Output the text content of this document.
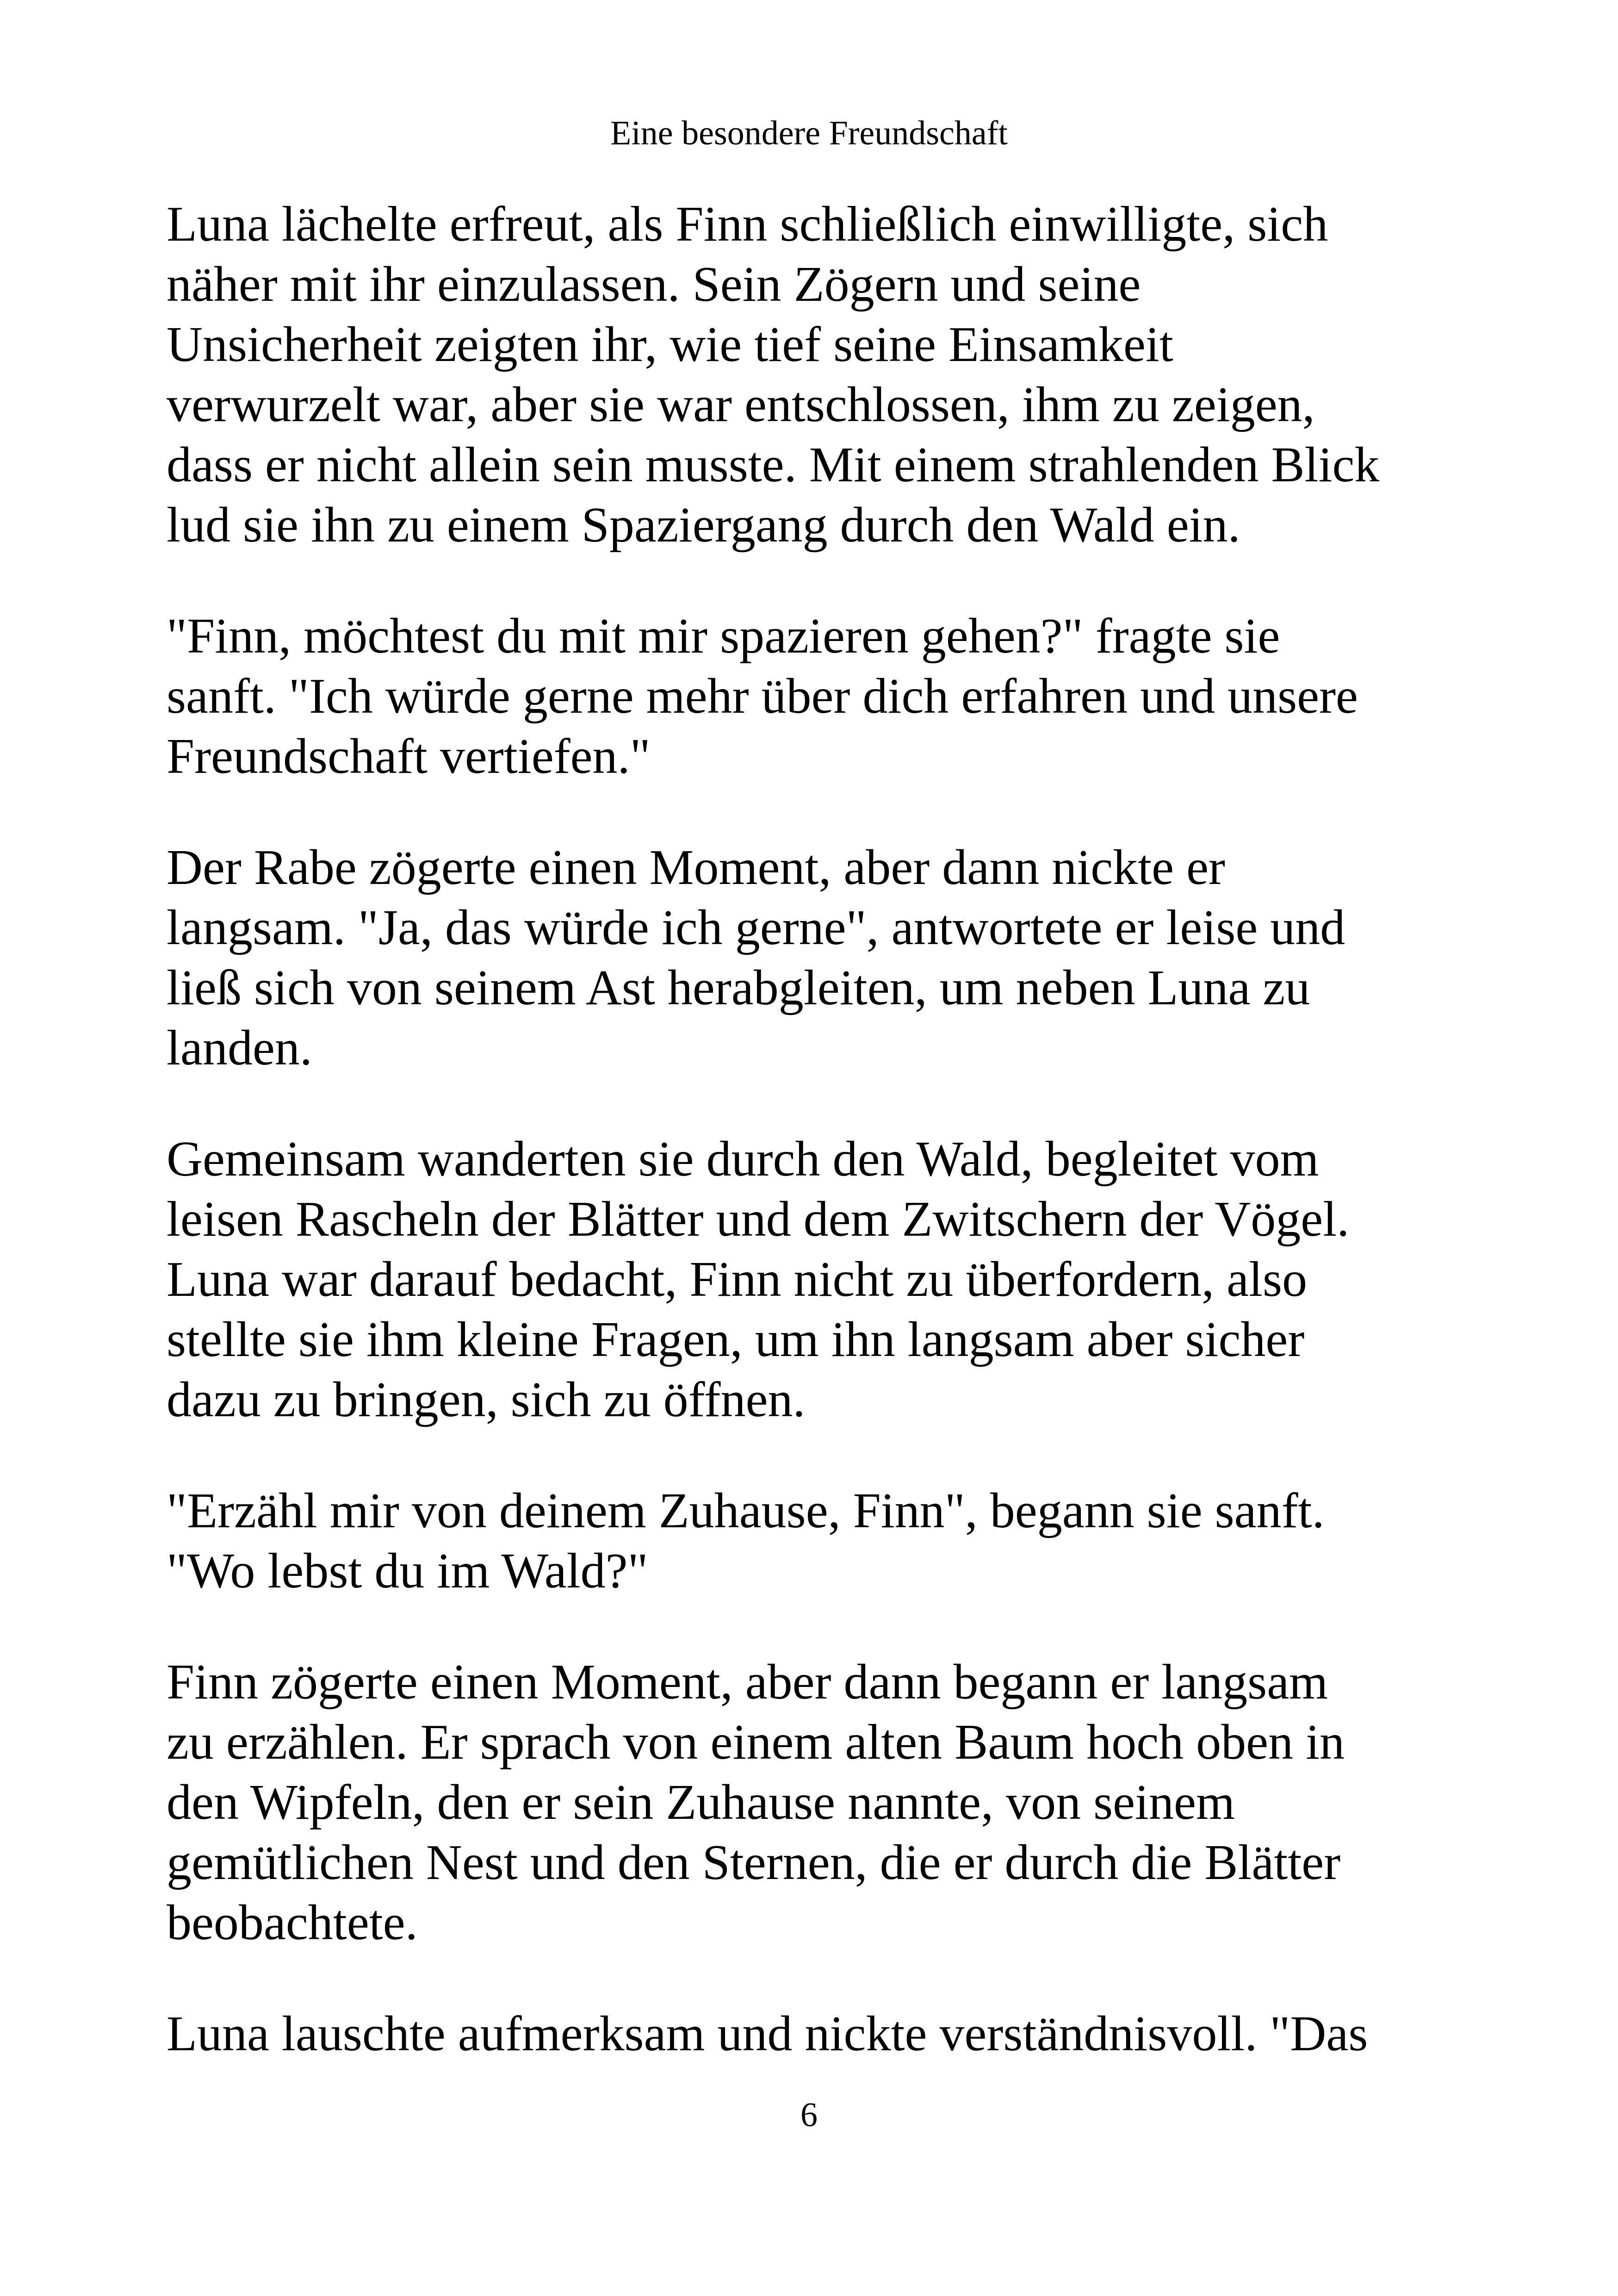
Eine besondere Freundschaft

Luna lächelte erfreut, als Finn schließlich einwilligte, sich
näher mit ihr einzulassen. Sein Zögern und seine
Unsicherheit zeigten ihr, wie tief seine Einsamkeit
verwurzelt war, aber sie war entschlossen, ihm zu zeigen,
dass er nicht allein sein musste. Mit einem strahlenden Blick
lud sie ihn zu einem Spaziergang durch den Wald ein.

"Finn, möchtest du mit mir spazieren gehen?" fragte sie
sanft. "Ich würde gerne mehr über dich erfahren und unsere
Freundschaft vertiefen."

Der Rabe zögerte einen Moment, aber dann nickte er
langsam. "Ja, das würde ich gerne", antwortete er leise und
ließ sich von seinem Ast herabgleiten, um neben Luna zu
landen.

Gemeinsam wanderten sie durch den Wald, begleitet vom
leisen Rascheln der Blätter und dem Zwitschern der Vögel.
Luna war darauf bedacht, Finn nicht zu überfordern, also
stellte sie ihm kleine Fragen, um ihn langsam aber sicher
dazu zu bringen, sich zu öffnen.

"Erzähl mir von deinem Zuhause, Finn", begann sie sanft.
"Wo lebst du im Wald?"

Finn zögerte einen Moment, aber dann begann er langsam
zu erzählen. Er sprach von einem alten Baum hoch oben in
den Wipfeln, den er sein Zuhause nannte, von seinem
gemütlichen Nest und den Sternen, die er durch die Blätter
beobachtete.

Luna lauschte aufmerksam und nickte verständnisvoll. "Das

6
